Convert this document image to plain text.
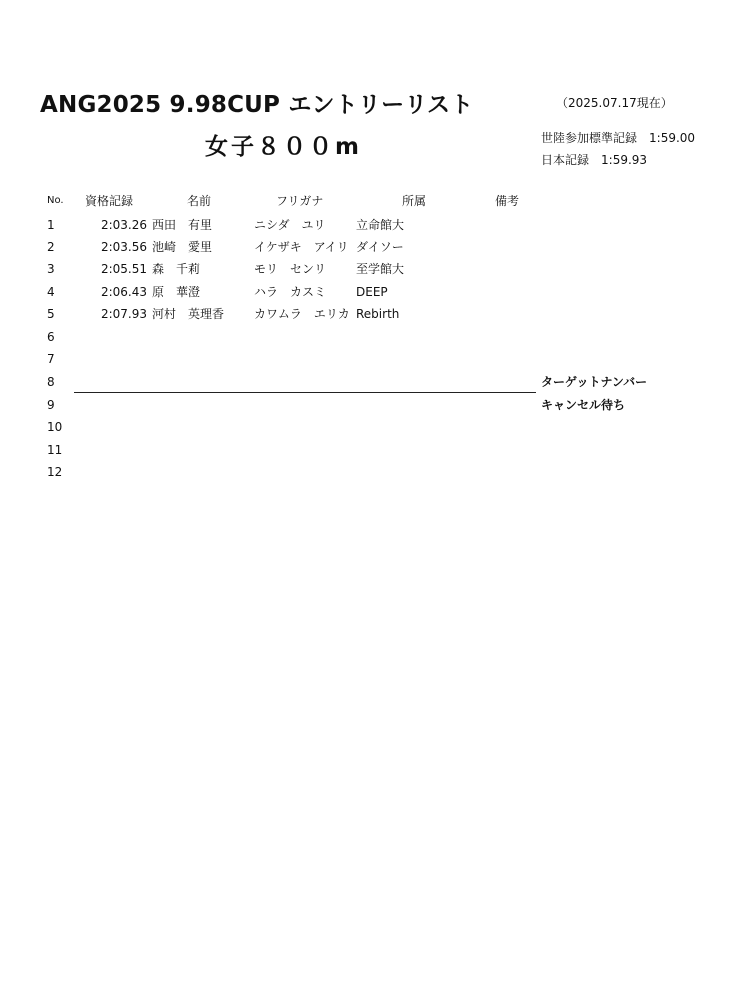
ANG2025 9.98CUP エントリーリスト
女子８００m
（2025.07.17現在）
世陸参加標準記録 1:59.00
日本記録 1:59.93
No.	資格記録	名前	フリガナ	所属	備考
1	2:03.26 西田　有里	ニシダ　ユリ	立命館大
2	2:03.56 池崎　愛里	イケザキ　アイリ ダイソー
3	2:05.51 森　千莉	モリ　センリ 至学館大
4	2:06.43 原　華澄	ハラ　カスミ DEEP
5	2:07.93 河村　英理香 カワムラ　エリカ Rebirth
6
7
8
9
10
11
12
ターゲットナンバー
キャンセル待ち
